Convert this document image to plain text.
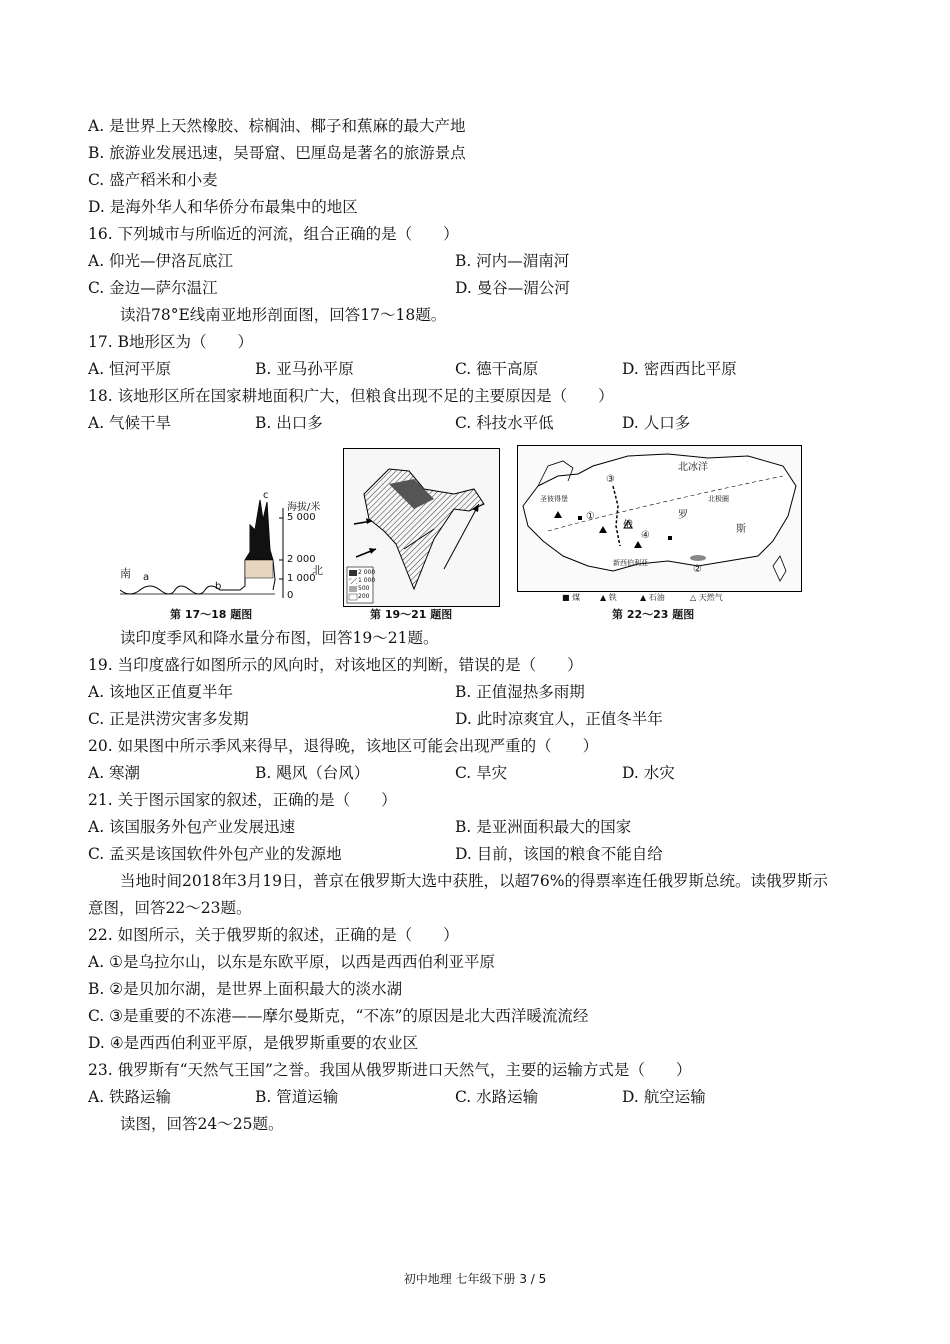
A. 是世界上天然橡胶、棕榈油、椰子和蕉麻的最大产地
B. 旅游业发展迅速，吴哥窟、巴厘岛是著名的旅游景点
C. 盛产稻米和小麦
D. 是海外华人和华侨分布最集中的地区
16. 下列城市与所临近的河流，组合正确的是（　　）
A. 仰光—伊洛瓦底江	B. 河内—湄南河
C. 金边—萨尔温江	D. 曼谷—湄公河
读沿78°E线南亚地形剖面图，回答17～18题。
17. B地形区为（　　）
A. 恒河平原	B. 亚马孙平原	C. 德干高原	D. 密西西比平原
18. 该地形区所在国家耕地面积广大，但粮食出现不足的主要原因是（　　）
A. 气候干旱	B. 出口多	C. 科技水平低	D. 人口多
海拔/米
5 000
2 000
1 000
0
北
南 a
b
c
第 17～18 题图
2 000
1 000
500
200
第 19～21 题图
北冰洋
③
①
④
②
圣彼得堡
俄
罗
斯
新西伯利亚
北极圈
■ 煤 ▲ 铁	▲ 石油	△ 天然气
第 22～23 题图
读印度季风和降水量分布图，回答19～21题。
19. 当印度盛行如图所示的风向时，对该地区的判断，错误的是（　　）
A. 该地区正值夏半年	B. 正值湿热多雨期
C. 正是洪涝灾害多发期	D. 此时凉爽宜人，正值冬半年
20. 如果图中所示季风来得早，退得晚，该地区可能会出现严重的（　　）
A. 寒潮	B. 飓风（台风）	C. 旱灾	D. 水灾
21. 关于图示国家的叙述，正确的是（　　）
A. 该国服务外包产业发展迅速	B. 是亚洲面积最大的国家
C. 孟买是该国软件外包产业的发源地	D. 目前，该国的粮食不能自给
当地时间2018年3月19日，普京在俄罗斯大选中获胜，以超76%的得票率连任俄罗斯总统。读俄罗斯示
意图，回答22～23题。
22. 如图所示，关于俄罗斯的叙述，正确的是（　　）
A. ①是乌拉尔山，以东是东欧平原，以西是西西伯利亚平原
B. ②是贝加尔湖，是世界上面积最大的淡水湖
C. ③是重要的不冻港——摩尔曼斯克，“不冻”的原因是北大西洋暖流流经
D. ④是西西伯利亚平原，是俄罗斯重要的农业区
23. 俄罗斯有“天然气王国”之誉。我国从俄罗斯进口天然气，主要的运输方式是（　　）
A. 铁路运输	B. 管道运输	C. 水路运输	D. 航空运输
读图，回答24～25题。
初中地理 七年级下册 3 / 5
